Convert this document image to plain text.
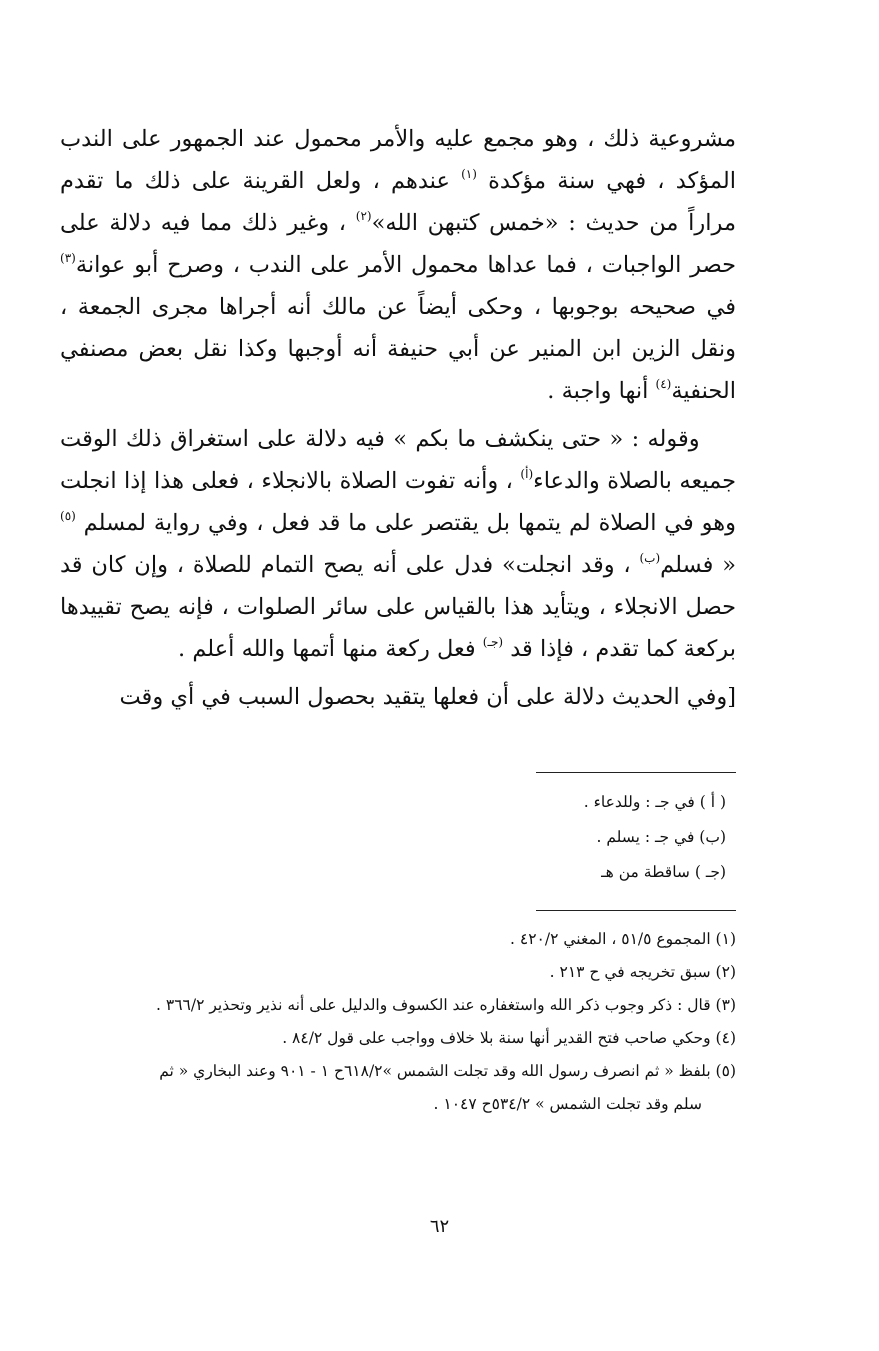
مشروعية ذلك ، وهو مجمع عليه والأمر محمول عند الجمهور على الندب المؤكد ، فهي سنة مؤكدة $^{(١)}$ عندهم ، ولعل القرينة على ذلك ما تقدم مراراً من حديث : «خمس كتبهن الله»$^{(٢)}$ ، وغير ذلك مما فيه دلالة على حصر الواجبات ، فما عداها محمول الأمر على الندب ، وصرح أبو عوانة$^{(٣)}$ في صحيحه بوجوبها ، وحكى أيضاً عن مالك أنه أجراها مجرى الجمعة ، ونقل الزين ابن المنير عن أبي حنيفة أنه أوجبها وكذا نقل بعض مصنفي الحنفية$^{(٤)}$ أنها واجبة .

وقوله : « حتى ينكشف ما بكم » فيه دلالة على استغراق ذلك الوقت جميعه بالصلاة والدعاء$^{(أ)}$ ، وأنه تفوت الصلاة بالانجلاء ، فعلى هذا إذا انجلت وهو في الصلاة لم يتمها بل يقتصر على ما قد فعل ، وفي رواية لمسلم $^{(٥)}$ « فسلم$^{(ب)}$ ، وقد انجلت» فدل على أنه يصح التمام للصلاة ، وإن كان قد حصل الانجلاء ، ويتأيد هذا بالقياس على سائر الصلوات ، فإنه يصح تقييدها بركعة كما تقدم ، فإذا قد $^{(جـ)}$ فعل ركعة منها أتمها والله أعلم .

[وفي الحديث دلالة على أن فعلها يتقيد بحصول السبب في أي وقت

( أ ) في جـ : وللدعاء .
(ب) في جـ : يسلم .
(جـ ) ساقطة من هـ
(١) المجموع ٥١/٥ ، المغني ٤٢٠/٢ .
(٢) سبق تخريجه في ح ٢١٣ .
(٣) قال : ذكر وجوب ذكر الله واستغفاره عند الكسوف والدليل على أنه نذير وتحذير ٣٦٦/٢ .
(٤) وحكي صاحب فتح القدير أنها سنة بلا خلاف وواجب على قول ٨٤/٢ .
(٥) بلفظ « ثم انصرف رسول الله وقد تجلت الشمس »٦١٨/٢ح ١ - ٩٠١ وعند البخاري « ثم
سلم وقد تجلت الشمس » ٥٣٤/٢ح ١٠٤٧ .
٦٢
